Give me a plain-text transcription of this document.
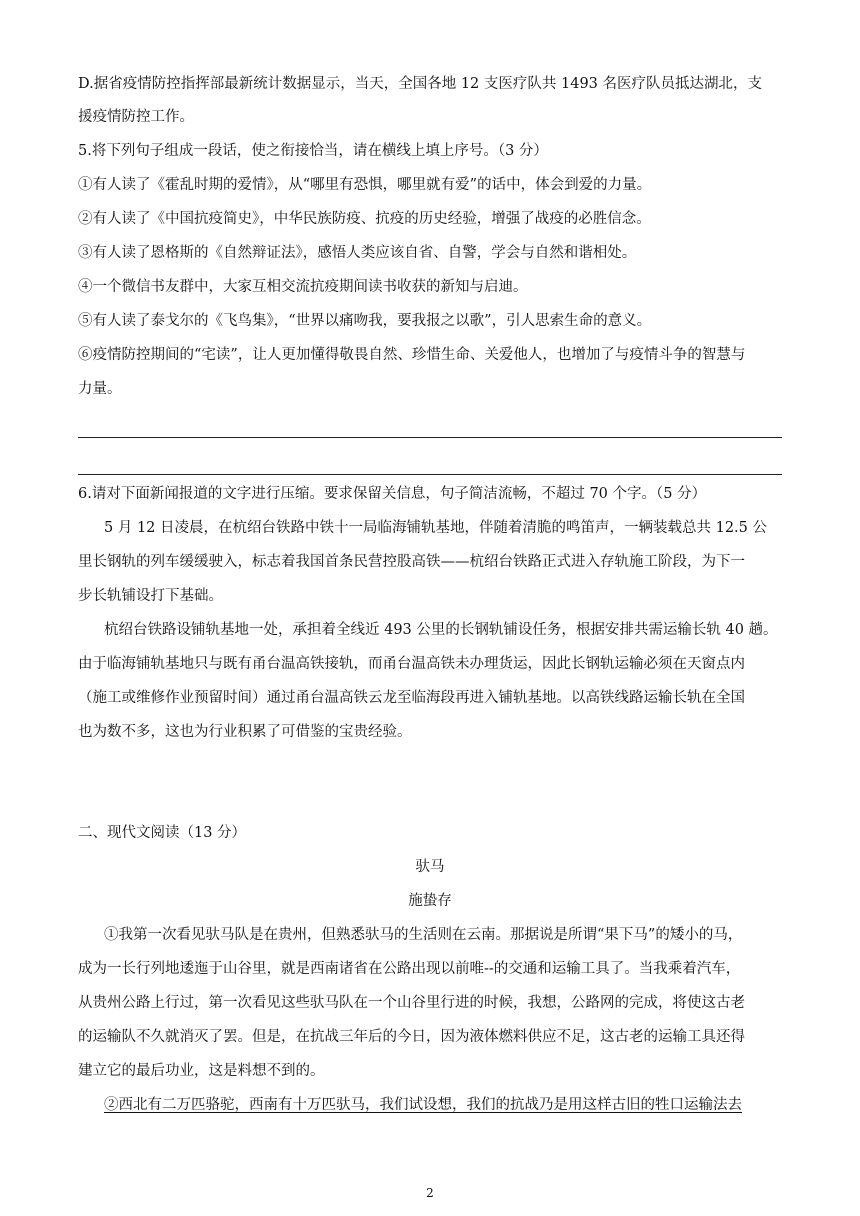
D.据省疫情防控指挥部最新统计数据显示，当天，全国各地 12 支医疗队共 1493 名医疗队员抵达湖北，支
援疫情防控工作。
5.将下列句子组成一段话，使之衔接恰当，请在横线上填上序号。（3 分）
①有人读了《霍乱时期的爱情》，从“哪里有恐惧，哪里就有爱”的话中，体会到爱的力量。
②有人读了《中国抗疫简史》，中华民族防疫、抗疫的历史经验，增强了战疫的必胜信念。
③有人读了恩格斯的《自然辩证法》，感悟人类应该自省、自警，学会与自然和谐相处。
④一个微信书友群中，大家互相交流抗疫期间读书收获的新知与启迪。
⑤有人读了泰戈尔的《飞鸟集》，“世界以痛吻我，要我报之以歌”，引人思索生命的意义。
⑥疫情防控期间的“宅读”，让人更加懂得敬畏自然、珍惜生命、关爱他人，也增加了与疫情斗争的智慧与
力量。
6.请对下面新闻报道的文字进行压缩。要求保留关信息，句子简洁流畅，不超过 70 个字。（5 分）
5 月 12 日凌晨，在杭绍台铁路中铁十一局临海铺轨基地，伴随着清脆的鸣笛声，一辆装载总共 12.5 公
里长钢轨的列车缓缓驶入，标志着我国首条民营控股高铁——杭绍台铁路正式进入存轨施工阶段，为下一
步长轨铺设打下基础。
杭绍台铁路设铺轨基地一处，承担着全线近 493 公里的长钢轨铺设任务，根据安排共需运输长轨 40 趟。
由于临海铺轨基地只与既有甬台温高铁接轨，而甬台温高铁未办理货运，因此长钢轨运输必须在天窗点内
（施工或维修作业预留时间）通过甬台温高铁云龙至临海段再进入铺轨基地。以高铁线路运输长轨在全国
也为数不多，这也为行业积累了可借鉴的宝贵经验。
二、现代文阅读（13 分）
驮马
施蛰存
①我第一次看见驮马队是在贵州，但熟悉驮马的生活则在云南。那据说是所谓“果下马”的矮小的马，
成为一长行列地逶迤于山谷里，就是西南诸省在公路出现以前唯--的交通和运输工具了。当我乘着汽车，
从贵州公路上行过，第一次看见这些驮马队在一个山谷里行进的时候，我想，公路网的完成，将使这古老
的运输队不久就消灭了罢。但是，在抗战三年后的今日，因为液体燃料供应不足，这古老的运输工具还得
建立它的最后功业，这是料想不到的。
②西北有二万匹骆驼，西南有十万匹驮马，我们试设想，我们的抗战乃是用这样古旧的牲口运输法去
2
